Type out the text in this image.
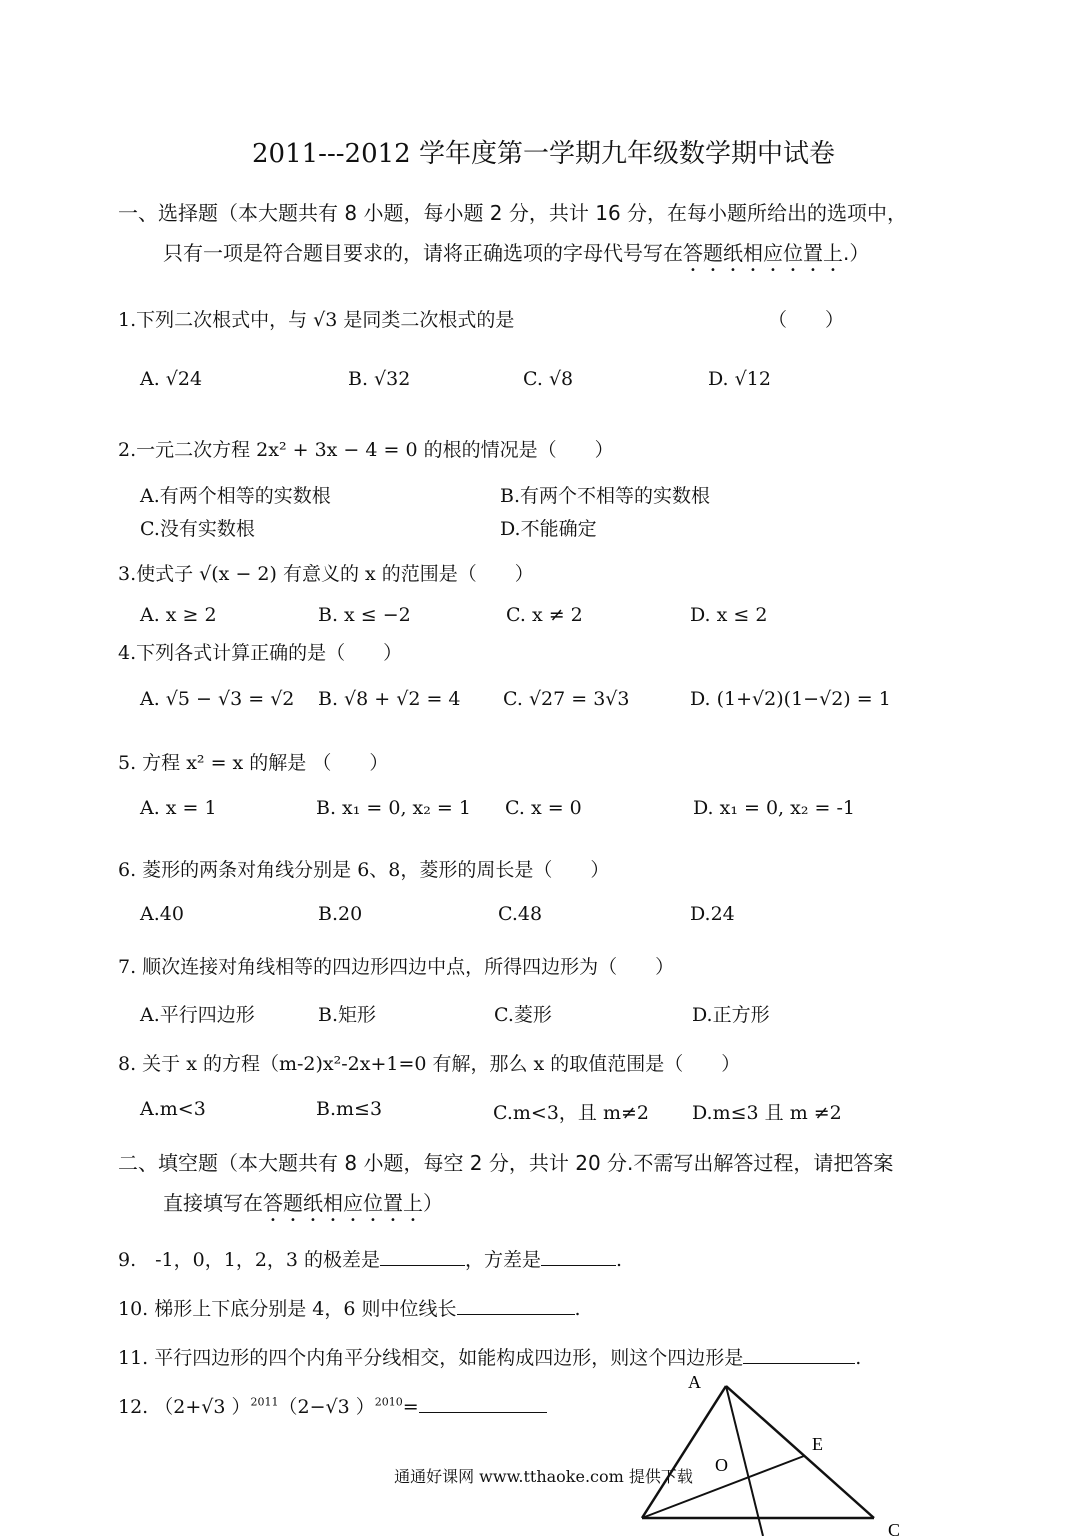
2011---2012 学年度第一学期九年级数学期中试卷
一、选择题（本大题共有 8 小题，每小题 2 分，共计 16 分，在每小题所给出的选项中，
只有一项是符合题目要求的，请将正确选项的字母代号写在答题纸相应位置上.）
1.下列二次根式中，与 √3 是同类二次根式的是	（　　）
A. √24	B. √32	C. √8	D. √12
2.一元二次方程 2x² + 3x − 4 = 0 的根的情况是（　　）
A.有两个相等的实数根	B.有两个不相等的实数根
C.没有实数根	D.不能确定
3.使式子 √(x − 2) 有意义的 x 的范围是（　　）
A. x ≥ 2	B. x ≤ −2	C. x ≠ 2	D. x ≤ 2
4.下列各式计算正确的是（　　）
A. √5 − √3 = √2 B. √8 + √2 = 4 C. √27 = 3√3	D. (1+√2)(1−√2) = 1
5. 方程 x² = x 的解是 （　　）
A. x = 1	B. x₁ = 0, x₂ = 1 C. x = 0	D. x₁ = 0, x₂ = -1
6. 菱形的两条对角线分别是 6、8，菱形的周长是（　　）
A.40	B.20	C.48	D.24
7. 顺次连接对角线相等的四边形四边中点，所得四边形为（　　）
A.平行四边形	B.矩形	C.菱形	D.正方形
8. 关于 x 的方程（m-2)x²-2x+1=0 有解，那么 x 的取值范围是（　　）
A.m<3	B.m≤3	C.m<3，且 m≠2 D.m≤3 且 m ≠2
二、填空题（本大题共有 8 小题，每空 2 分，共计 20 分.不需写出解答过程，请把答案
直接填写在答题纸相应位置上）
9.　-1，0，1，2，3 的极差是	，方差是	.
10. 梯形上下底分别是 4，6 则中位线长	.
11. 平行四边形的四个内角平分线相交，如能构成四边形，则这个四边形是	.
12. （2+√3 ）$^{2011}$（2−√3 ）$^{2010}$=
A
E
O
C
通通好课网 www.tthaoke.com 提供下载
